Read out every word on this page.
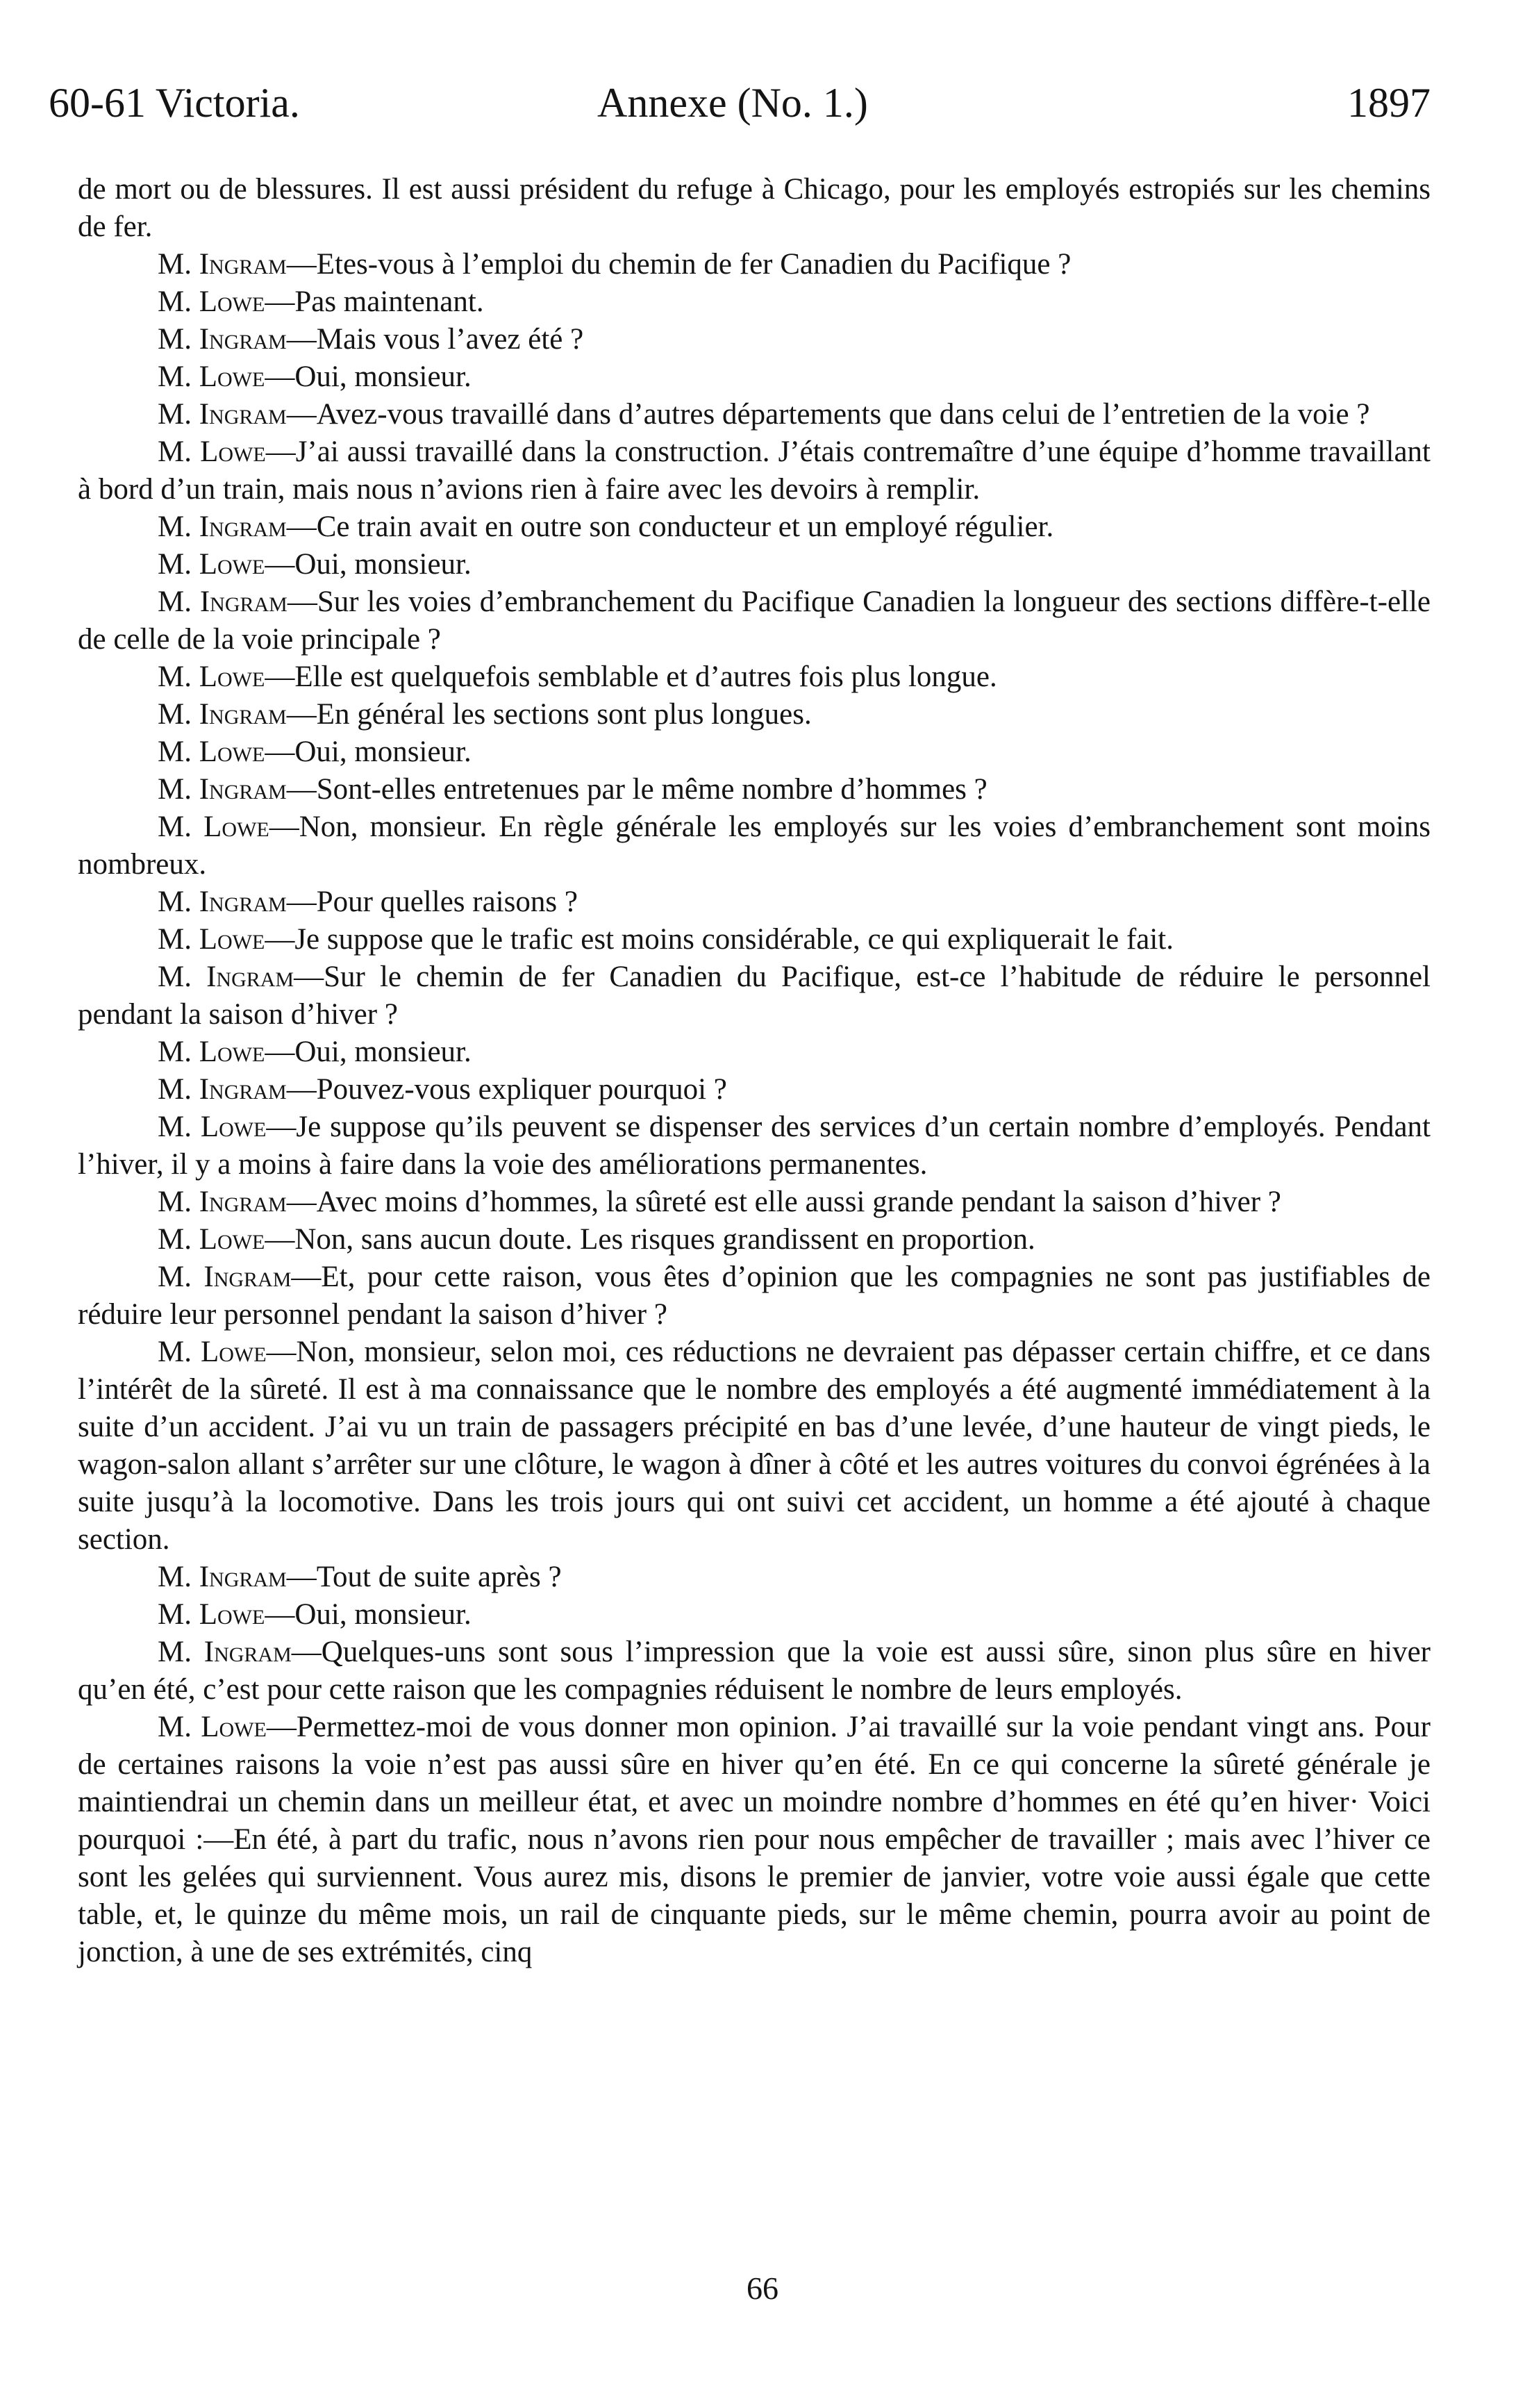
60-61 Victoria.	Annexe (No. 1.)	1897

de mort ou de blessures. Il est aussi président du refuge à Chicago, pour les employés estropiés sur les chemins de fer.

M. Ingram—Etes-vous à l’emploi du chemin de fer Canadien du Pacifique ?

M. Lowe—Pas maintenant.

M. Ingram—Mais vous l’avez été ?

M. Lowe—Oui, monsieur.

M. Ingram—Avez-vous travaillé dans d’autres départements que dans celui de l’entretien de la voie ?

M. Lowe—J’ai aussi travaillé dans la construction. J’étais contremaître d’une équipe d’homme travaillant à bord d’un train, mais nous n’avions rien à faire avec les devoirs à remplir.

M. Ingram—Ce train avait en outre son conducteur et un employé régulier.

M. Lowe—Oui, monsieur.

M. Ingram—Sur les voies d’embranchement du Pacifique Canadien la longueur des sections diffère-t-elle de celle de la voie principale ?

M. Lowe—Elle est quelquefois semblable et d’autres fois plus longue.

M. Ingram—En général les sections sont plus longues.

M. Lowe—Oui, monsieur.

M. Ingram—Sont-elles entretenues par le même nombre d’hommes ?

M. Lowe—Non, monsieur. En règle générale les employés sur les voies d’embranchement sont moins nombreux.

M. Ingram—Pour quelles raisons ?

M. Lowe—Je suppose que le trafic est moins considérable, ce qui expliquerait le fait.

M. Ingram—Sur le chemin de fer Canadien du Pacifique, est-ce l’habitude de réduire le personnel pendant la saison d’hiver ?

M. Lowe—Oui, monsieur.

M. Ingram—Pouvez-vous expliquer pourquoi ?

M. Lowe—Je suppose qu’ils peuvent se dispenser des services d’un certain nombre d’employés. Pendant l’hiver, il y a moins à faire dans la voie des améliorations permanentes.

M. Ingram—Avec moins d’hommes, la sûreté est elle aussi grande pendant la saison d’hiver ?

M. Lowe—Non, sans aucun doute. Les risques grandissent en proportion.

M. Ingram—Et, pour cette raison, vous êtes d’opinion que les compagnies ne sont pas justifiables de réduire leur personnel pendant la saison d’hiver ?

M. Lowe—Non, monsieur, selon moi, ces réductions ne devraient pas dépasser certain chiffre, et ce dans l’intérêt de la sûreté. Il est à ma connaissance que le nombre des employés a été augmenté immédiatement à la suite d’un accident. J’ai vu un train de passagers précipité en bas d’une levée, d’une hauteur de vingt pieds, le wagon-salon allant s’arrêter sur une clôture, le wagon à dîner à côté et les autres voitures du convoi égrénées à la suite jusqu’à la locomotive. Dans les trois jours qui ont suivi cet accident, un homme a été ajouté à chaque section.

M. Ingram—Tout de suite après ?

M. Lowe—Oui, monsieur.

M. Ingram—Quelques-uns sont sous l’impression que la voie est aussi sûre, sinon plus sûre en hiver qu’en été, c’est pour cette raison que les compagnies réduisent le nombre de leurs employés.

M. Lowe—Permettez-moi de vous donner mon opinion. J’ai travaillé sur la voie pendant vingt ans. Pour de certaines raisons la voie n’est pas aussi sûre en hiver qu’en été. En ce qui concerne la sûreté générale je maintiendrai un chemin dans un meilleur état, et avec un moindre nombre d’hommes en été qu’en hiver· Voici pourquoi :—En été, à part du trafic, nous n’avons rien pour nous empêcher de travailler ; mais avec l’hiver ce sont les gelées qui surviennent. Vous aurez mis, disons le premier de janvier, votre voie aussi égale que cette table, et, le quinze du même mois, un rail de cinquante pieds, sur le même chemin, pourra avoir au point de jonction, à une de ses extrémités, cinq

66
